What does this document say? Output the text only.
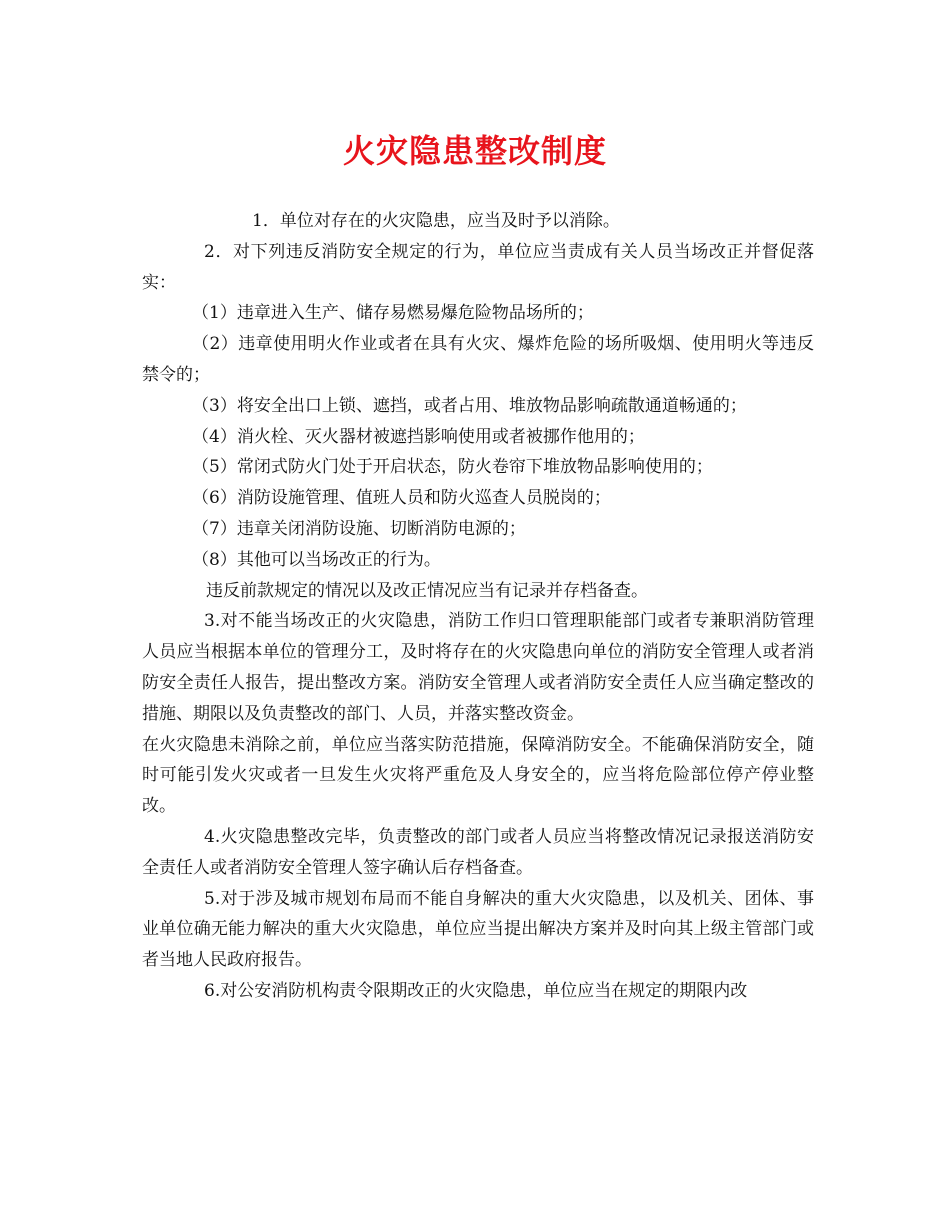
火灾隐患整改制度

1．单位对存在的火灾隐患，应当及时予以消除。

2．对下列违反消防安全规定的行为，单位应当责成有关人员当场改正并督促落实：

（1）违章进入生产、储存易燃易爆危险物品场所的；

（2）违章使用明火作业或者在具有火灾、爆炸危险的场所吸烟、使用明火等违反禁令的；

（3）将安全出口上锁、遮挡，或者占用、堆放物品影响疏散通道畅通的；

（4）消火栓、灭火器材被遮挡影响使用或者被挪作他用的；

（5）常闭式防火门处于开启状态，防火卷帘下堆放物品影响使用的；

（6）消防设施管理、值班人员和防火巡查人员脱岗的；

（7）违章关闭消防设施、切断消防电源的；

（8）其他可以当场改正的行为。

违反前款规定的情况以及改正情况应当有记录并存档备查。

3.对不能当场改正的火灾隐患，消防工作归口管理职能部门或者专兼职消防管理人员应当根据本单位的管理分工，及时将存在的火灾隐患向单位的消防安全管理人或者消防安全责任人报告，提出整改方案。消防安全管理人或者消防安全责任人应当确定整改的措施、期限以及负责整改的部门、人员，并落实整改资金。

在火灾隐患未消除之前，单位应当落实防范措施，保障消防安全。不能确保消防安全，随时可能引发火灾或者一旦发生火灾将严重危及人身安全的，应当将危险部位停产停业整改。

4.火灾隐患整改完毕，负责整改的部门或者人员应当将整改情况记录报送消防安全责任人或者消防安全管理人签字确认后存档备查。

5.对于涉及城市规划布局而不能自身解决的重大火灾隐患，以及机关、团体、事业单位确无能力解决的重大火灾隐患，单位应当提出解决方案并及时向其上级主管部门或者当地人民政府报告。

6.对公安消防机构责令限期改正的火灾隐患，单位应当在规定的期限内改
